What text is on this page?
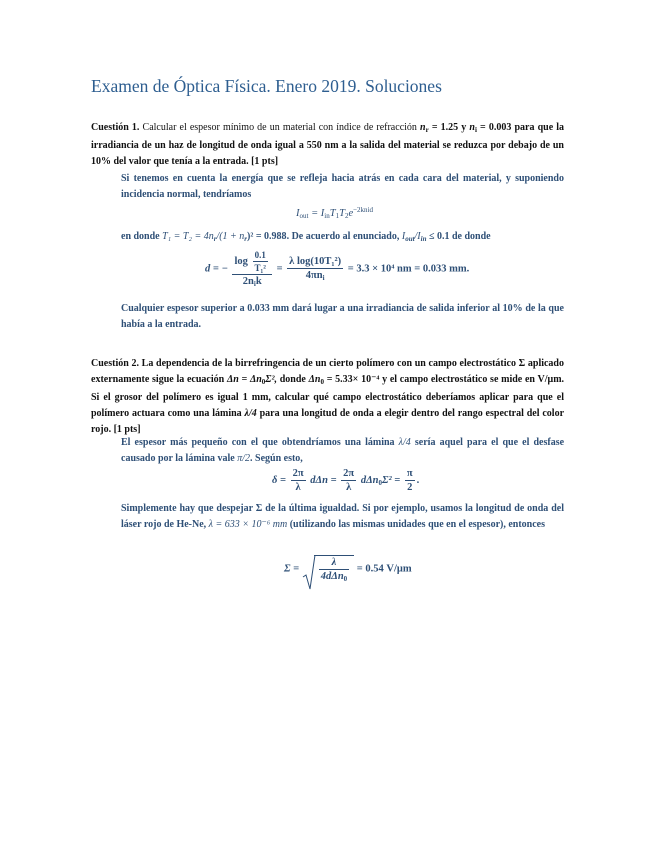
Examen de Óptica Física. Enero 2019. Soluciones
Cuestión 1. Calcular el espesor mínimo de un material con índice de refracción $n_r = 1.25$ y $n_i = 0.003$ para que la irradiancia de un haz de longitud de onda igual a 550 nm a la salida del material se reduzca por debajo de un 10% del valor que tenía a la entrada. [1 pts]
Si tenemos en cuenta la energía que se refleja hacia atrás en cada cara del material, y suponiendo incidencia normal, tendríamos
$I_{out} = I_{in}T_1T_2e^{-2knid}$
en donde $T_1 = T_2 = 4n_r/(1 + n_r)^2 = 0.988$. De acuerdo al enunciado, $I_{out}/I_{in} \le 0.1$ de donde
d = − $\frac{\log \frac{0.1}{\text{T₁²}}}{2n_ik} = \frac{\text{λ log(10T₁²)}}{4\pi n_i} = 3.3 \times 10^4$ nm = 0.033 mm.
Cualquier espesor superior a 0.033 mm dará lugar a una irradiancia de salida inferior al 10% de la que había a la entrada.
Cuestión 2. La dependencia de la birrefringencia de un cierto polímero con un campo electrostático Σ aplicado externamente sigue la ecuación $\Delta n = \Delta n_0\Sigma^2$, donde $\Delta n_0 = 5.33\times 10^{-4}$ y el campo electrostático se mide en V/μm. Si el grosor del polímero es igual 1 mm, calcular qué campo electrostático deberíamos aplicar para que el polímero actuara como una lámina λ/4 para una longitud de onda a elegir dentro del rango espectral del color rojo. [1 pts]
El espesor más pequeño con el que obtendríamos una lámina λ/4 sería aquel para el que el desfase causado por la lámina vale π/2. Según esto,
$\delta = \frac{2\pi}{\lambda}$ $d\Delta n = \frac{2\pi}{\lambda} d\Delta n_0\Sigma^2 = \frac{\pi}{2}$ .
Simplemente hay que despejar Σ de la última igualdad. Si por ejemplo, usamos la longitud de onda del láser rojo de He-Ne, λ = 633 × 10⁻⁶ mm (utilizando las mismas unidades que en el espesor), entonces
$\Sigma = \frac{\lambda}{4d\Delta n_0} = 0.54$ V/μm
